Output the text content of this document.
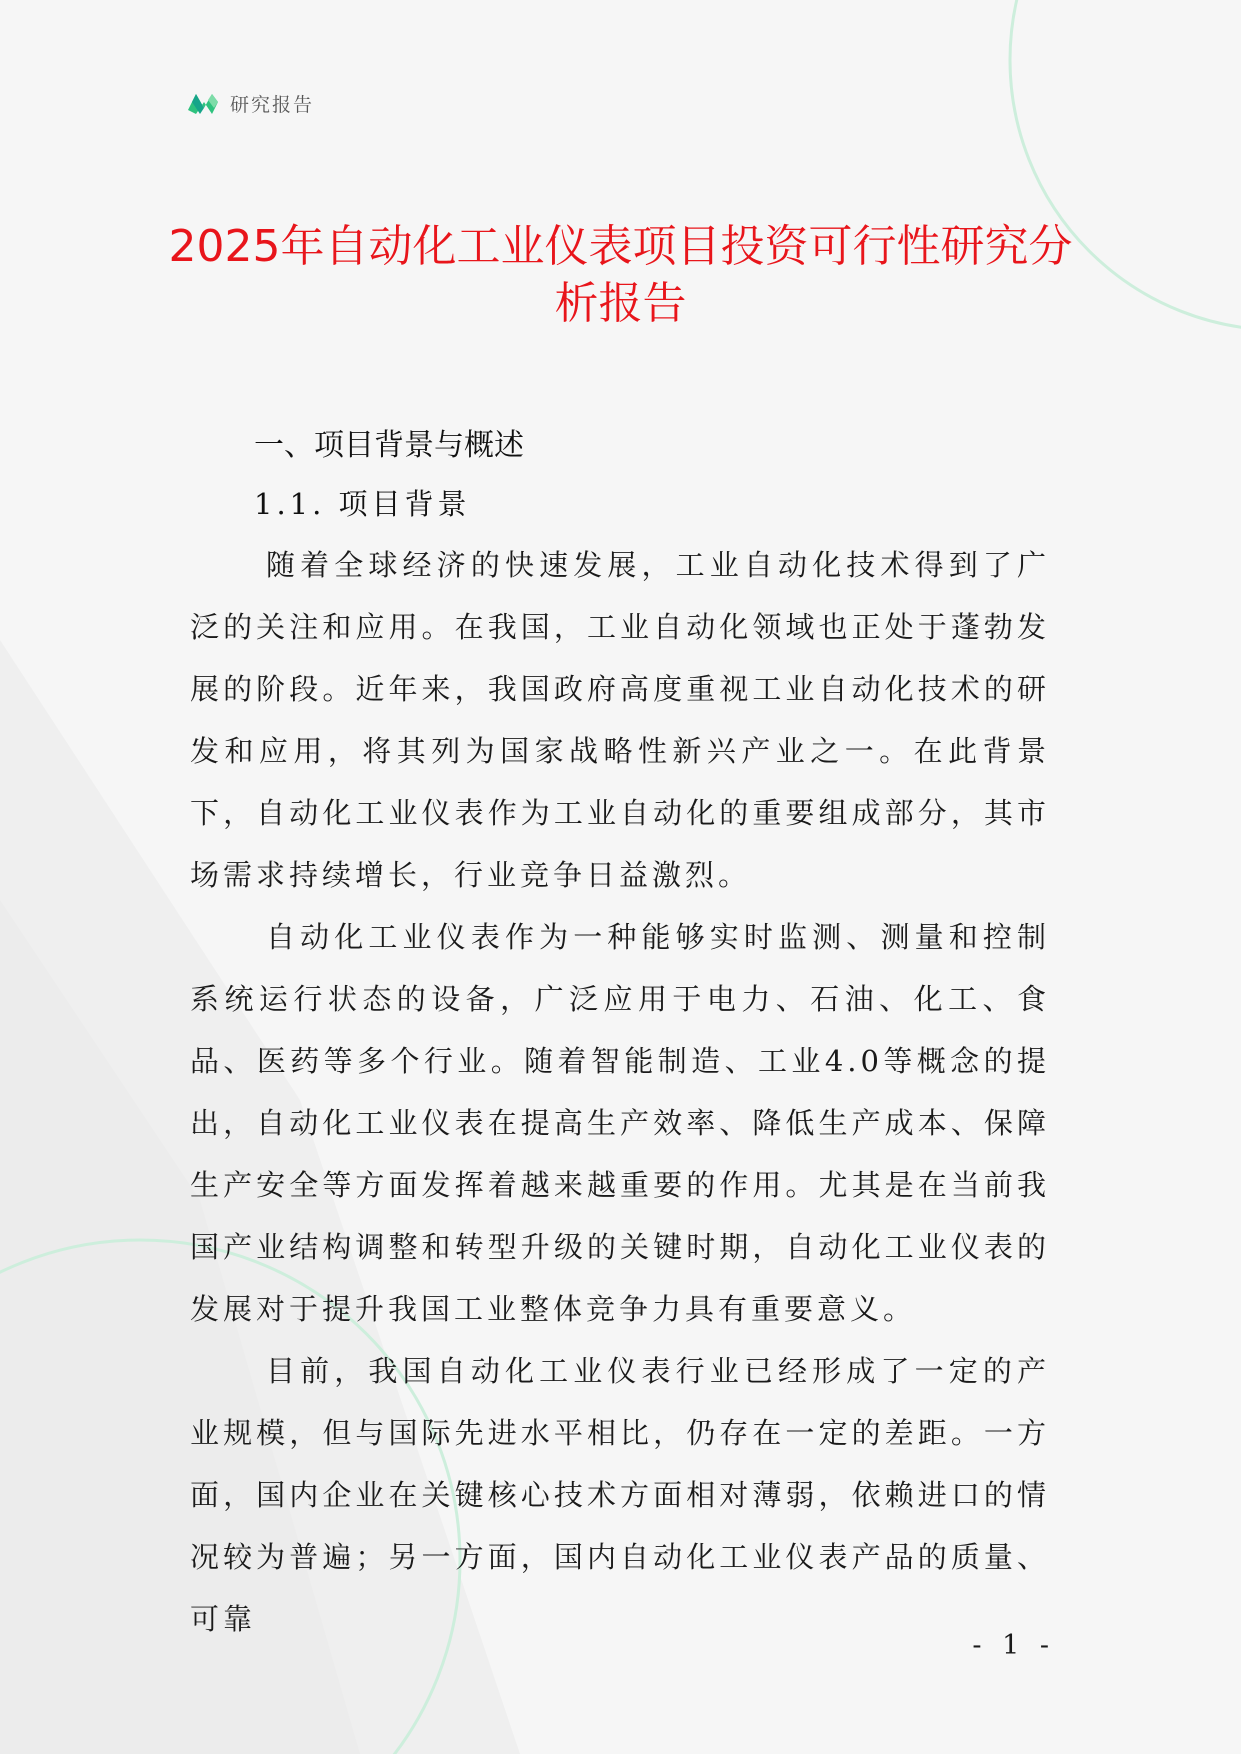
研究报告
2025年自动化工业仪表项目投资可行性研究分析报告
一、项目背景与概述
1.1. 项目背景

随着全球经济的快速发展，工业自动化技术得到了广泛的关注和应用。在我国，工业自动化领域也正处于蓬勃发展的阶段。近年来，我国政府高度重视工业自动化技术的研发和应用，将其列为国家战略性新兴产业之一。在此背景下，自动化工业仪表作为工业自动化的重要组成部分，其市场需求持续增长，行业竞争日益激烈。

自动化工业仪表作为一种能够实时监测、测量和控制系统运行状态的设备，广泛应用于电力、石油、化工、食品、医药等多个行业。随着智能制造、工业4.0等概念的提出，自动化工业仪表在提高生产效率、降低生产成本、保障生产安全等方面发挥着越来越重要的作用。尤其是在当前我国产业结构调整和转型升级的关键时期，自动化工业仪表的发展对于提升我国工业整体竞争力具有重要意义。

目前，我国自动化工业仪表行业已经形成了一定的产业规模，但与国际先进水平相比，仍存在一定的差距。一方面，国内企业在关键核心技术方面相对薄弱，依赖进口的情况较为普遍；另一方面，国内自动化工业仪表产品的质量、可靠

- 1 -
